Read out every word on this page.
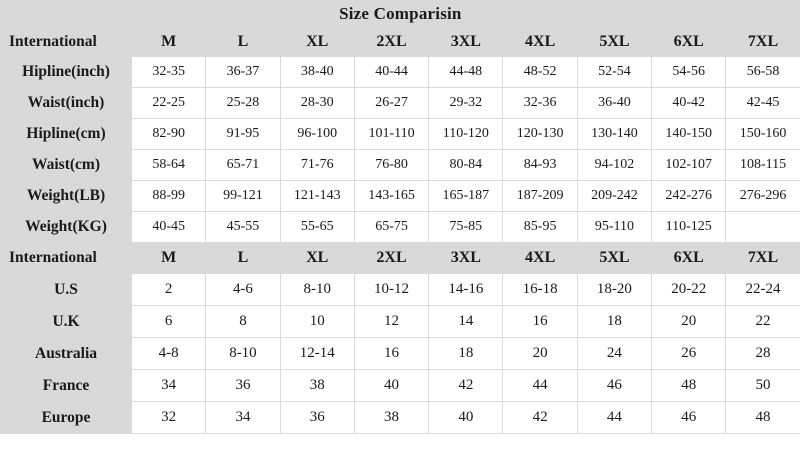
Size Comparisin									
International	M	L	XL	2XL	3XL	4XL	5XL	6XL	7XL
Hipline(inch)	32-35	36-37	38-40	40-44	44-48	48-52	52-54	54-56	56-58
Waist(inch)	22-25	25-28	28-30	26-27	29-32	32-36	36-40	40-42	42-45
Hipline(cm)	82-90	91-95	96-100	101-110	110-120	120-130	130-140	140-150	150-160
Waist(cm)	58-64	65-71	71-76	76-80	80-84	84-93	94-102	102-107	108-115
Weight(LB)	88-99	99-121	121-143	143-165	165-187	187-209	209-242	242-276	276-296
Weight(KG)	40-45	45-55	55-65	65-75	75-85	85-95	95-110	110-125	
International	M	L	XL	2XL	3XL	4XL	5XL	6XL	7XL
U.S	2	4-6	8-10	10-12	14-16	16-18	18-20	20-22	22-24
U.K	6	8	10	12	14	16	18	20	22
Australia	4-8	8-10	12-14	16	18	20	24	26	28
France	34	36	38	40	42	44	46	48	50
Europe	32	34	36	38	40	42	44	46	48
